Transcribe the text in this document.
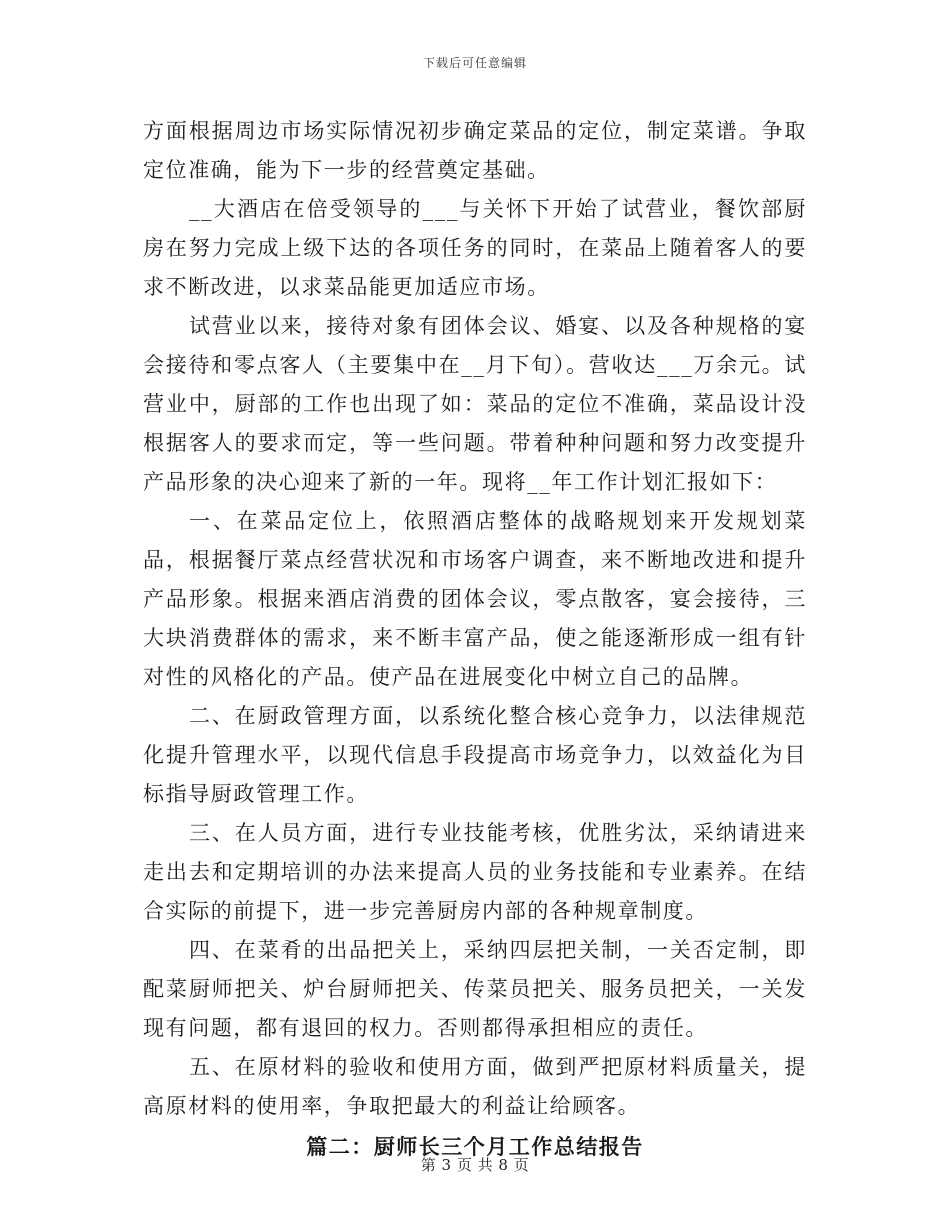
下载后可任意编辑

方面根据周边市场实际情况初步确定菜品的定位，制定菜谱。争取定位准确，能为下一步的经营奠定基础。

__大酒店在倍受领导的___与关怀下开始了试营业，餐饮部厨房在努力完成上级下达的各项任务的同时，在菜品上随着客人的要求不断改进，以求菜品能更加适应市场。

试营业以来，接待对象有团体会议、婚宴、以及各种规格的宴会接待和零点客人（主要集中在__月下旬）。营收达___万余元。试营业中，厨部的工作也出现了如：菜品的定位不准确，菜品设计没根据客人的要求而定，等一些问题。带着种种问题和努力改变提升产品形象的决心迎来了新的一年。现将__年工作计划汇报如下：

一、在菜品定位上，依照酒店整体的战略规划来开发规划菜品，根据餐厅菜点经营状况和市场客户调查，来不断地改进和提升产品形象。根据来酒店消费的团体会议，零点散客，宴会接待，三大块消费群体的需求，来不断丰富产品，使之能逐渐形成一组有针对性的风格化的产品。使产品在进展变化中树立自己的品牌。

二、在厨政管理方面，以系统化整合核心竞争力，以法律规范化提升管理水平，以现代信息手段提高市场竞争力，以效益化为目标指导厨政管理工作。

三、在人员方面，进行专业技能考核，优胜劣汰，采纳请进来走出去和定期培训的办法来提高人员的业务技能和专业素养。在结合实际的前提下，进一步完善厨房内部的各种规章制度。

四、在菜肴的出品把关上，采纳四层把关制，一关否定制，即配菜厨师把关、炉台厨师把关、传菜员把关、服务员把关，一关发现有问题，都有退回的权力。否则都得承担相应的责任。

五、在原材料的验收和使用方面，做到严把原材料质量关，提高原材料的使用率，争取把最大的利益让给顾客。

篇二：厨师长三个月工作总结报告
第 3 页 共 8 页
